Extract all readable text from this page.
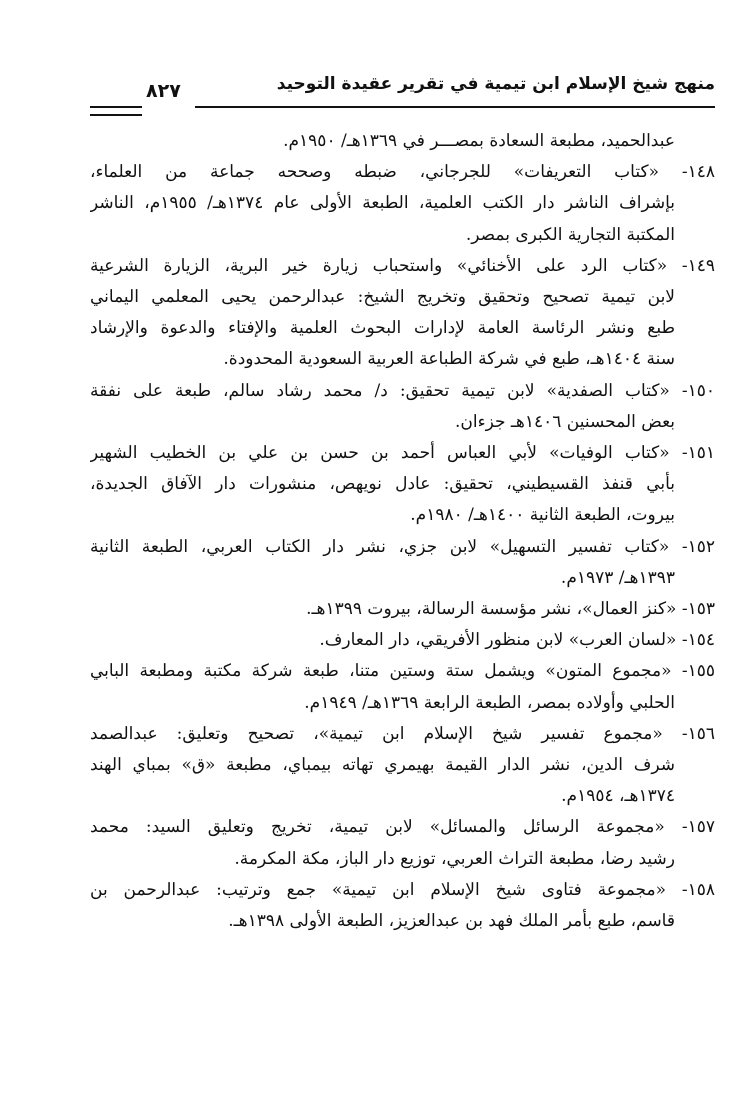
منهج شيخ الإسلام ابن تيمية في تقرير عقيدة التوحيد
٨٢٧

عبدالحميد، مطبعة السعادة بمصـــر في ١٣٦٩هـ/ ١٩٥٠م.

١٤٨- «كتاب التعريفات» للجرجاني، ضبطه وصححه جماعة من العلماء،
بإشراف الناشر دار الكتب العلمية، الطبعة الأولى عام ١٣٧٤هـ/ ١٩٥٥م، الناشر
المكتبة التجارية الكبرى بمصر.

١٤٩- «كتاب الرد على الأخنائي» واستحباب زيارة خير البرية، الزيارة الشرعية
لابن تيمية تصحيح وتحقيق وتخريج الشيخ: عبدالرحمن يحيى المعلمي اليماني
طبع ونشر الرئاسة العامة لإدارات البحوث العلمية والإفتاء والدعوة والإرشاد
سنة ١٤٠٤هـ، طبع في شركة الطباعة العربية السعودية المحدودة.

١٥٠- «كتاب الصفدية» لابن تيمية تحقيق: د/ محمد رشاد سالم، طبعة على نفقة
بعض المحسنين ١٤٠٦هـ جزءان.

١٥١- «كتاب الوفيات» لأبي العباس أحمد بن حسن بن علي بن الخطيب الشهير
بأبي قنفذ القسيطيني، تحقيق: عادل نويهص، منشورات دار الآفاق الجديدة،
بيروت، الطبعة الثانية ١٤٠٠هـ/ ١٩٨٠م.

١٥٢- «كتاب تفسير التسهيل» لابن جزي، نشر دار الكتاب العربي، الطبعة الثانية
١٣٩٣هـ/ ١٩٧٣م.

١٥٣- «كنز العمال»، نشر مؤسسة الرسالة، بيروت ١٣٩٩هـ.

١٥٤- «لسان العرب» لابن منظور الأفريقي، دار المعارف.

١٥٥- «مجموع المتون» ويشمل ستة وستين متنا، طبعة شركة مكتبة ومطبعة البابي
الحلبي وأولاده بمصر، الطبعة الرابعة ١٣٦٩هـ/ ١٩٤٩م.

١٥٦- «مجموع تفسير شيخ الإسلام ابن تيمية»، تصحيح وتعليق: عبدالصمد
شرف الدين، نشر الدار القيمة بهيمري تهاته بيمباي، مطبعة «ق» بمباي الهند
١٣٧٤هـ، ١٩٥٤م.

١٥٧- «مجموعة الرسائل والمسائل» لابن تيمية، تخريج وتعليق السيد: محمد
رشيد رضا، مطبعة التراث العربي، توزيع دار الباز، مكة المكرمة.

١٥٨- «مجموعة فتاوى شيخ الإسلام ابن تيمية» جمع وترتيب: عبدالرحمن بن
قاسم، طبع بأمر الملك فهد بن عبدالعزيز، الطبعة الأولى ١٣٩٨هـ.
